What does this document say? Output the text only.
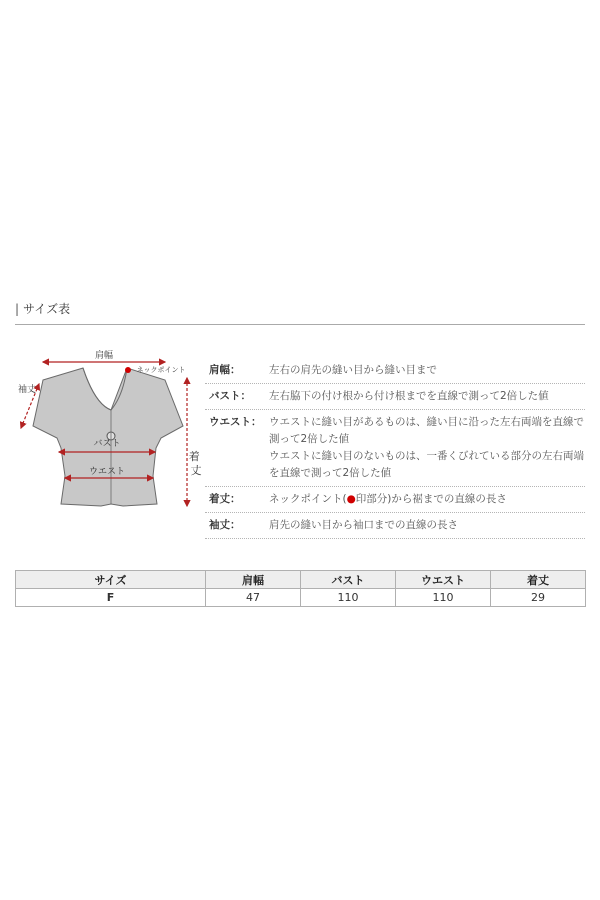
| サイズ表
肩幅
ネックポイント
袖丈
バスト
ウエスト
着 丈
肩幅：	左右の肩先の縫い目から縫い目まで
バスト：	左右脇下の付け根から付け根までを直線で測って2倍した値
ウエスト： ウエストに縫い目があるものは、縫い目に沿った左右両端を直線で
測って2倍した値
ウエストに縫い目のないものは、一番くびれている部分の左右両端
を直線で測って2倍した値
着丈：	ネックポイント(●印部分)から裾までの直線の長さ
袖丈：	肩先の縫い目から袖口までの直線の長さ
サイズ	肩幅	バスト	ウエスト	着丈
F	47	110	110	29
